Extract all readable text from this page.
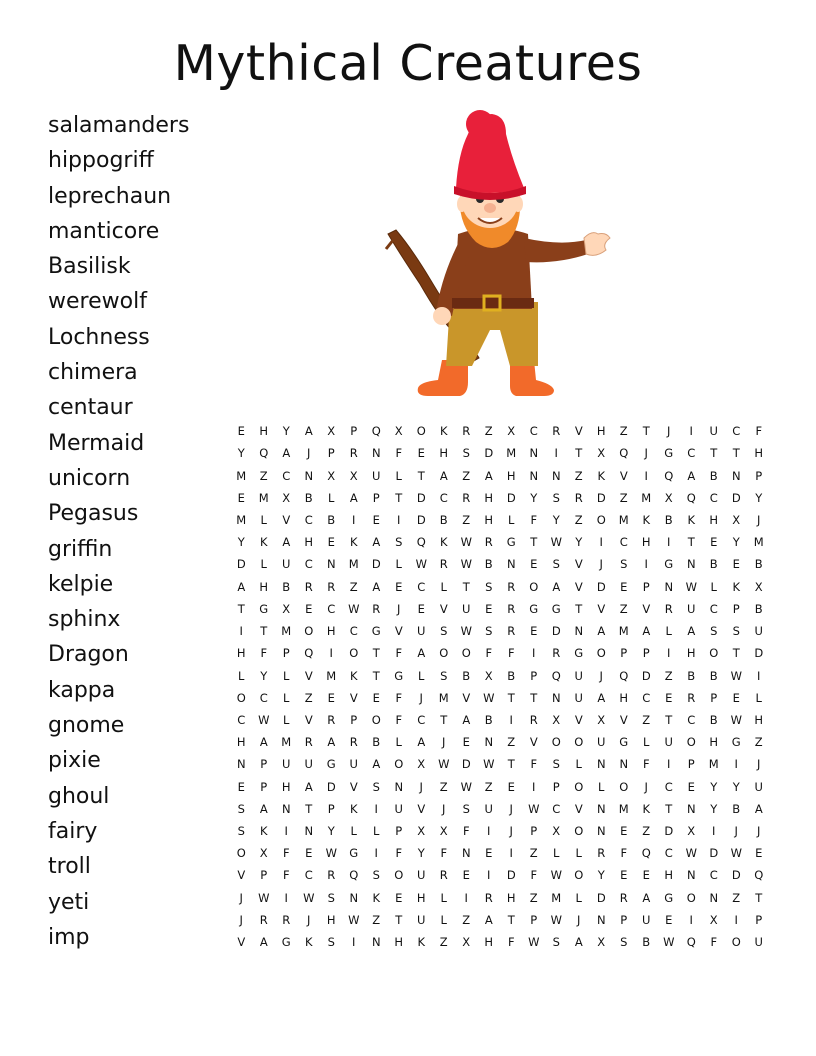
Mythical Creatures
salamanders
hippogriff
leprechaun
manticore
Basilisk
werewolf
Lochness
chimera
centaur
Mermaid
unicorn
Pegasus
griffin
kelpie
sphinx
Dragon
kappa
gnome
pixie
ghoul
fairy
troll
yeti
imp
E	H	Y	A	X	P	Q	X	O	K	R	Z	X	C	R	V	H	Z	T	J	I	U	C	F
Y	Q	A	J	P	R	N	F	E	H	S	D	M	N	I	T	X	Q	J	G	C	T	T	H
M	Z	C	N	X	X	U	L	T	A	Z	A	H	N	N	Z	K	V	I	Q	A	B	N	P
E	M	X	B	L	A	P	T	D	C	R	H	D	Y	S	R	D	Z	M	X	Q	C	D	Y
M	L	V	C	B	I	E	I	D	B	Z	H	L	F	Y	Z	O	M	K	B	K	H	X	J
Y	K	A	H	E	K	A	S	Q	K	W	R	G	T	W	Y	I	C	H	I	T	E	Y	M
D	L	U	C	N	M	D	L	W	R	W	B	N	E	S	V	J	S	I	G	N	B	E	B
A	H	B	R	R	Z	A	E	C	L	T	S	R	O	A	V	D	E	P	N	W	L	K	X
T	G	X	E	C	W	R	J	E	V	U	E	R	G	G	T	V	Z	V	R	U	C	P	B
I	T	M	O	H	C	G	V	U	S	W	S	R	E	D	N	A	M	A	L	A	S	S	U
H	F	P	Q	I	O	T	F	A	O	O	F	F	I	R	G	O	P	P	I	H	O	T	D
L	Y	L	V	M	K	T	G	L	S	B	X	B	P	Q	U	J	Q	D	Z	B	B	W	I
O	C	L	Z	E	V	E	F	J	M	V	W	T	T	N	U	A	H	C	E	R	P	E	L
C	W	L	V	R	P	O	F	C	T	A	B	I	R	X	V	X	V	Z	T	C	B	W	H
H	A	M	R	A	R	B	L	A	J	E	N	Z	V	O	O	U	G	L	U	O	H	G	Z
N	P	U	U	G	U	A	O	X	W	D	W	T	F	S	L	N	N	F	I	P	M	I	J
E	P	H	A	D	V	S	N	J	Z	W	Z	E	I	P	O	L	O	J	C	E	Y	Y	U
S	A	N	T	P	K	I	U	V	J	S	U	J	W	C	V	N	M	K	T	N	Y	B	A
S	K	I	N	Y	L	L	P	X	X	F	I	J	P	X	O	N	E	Z	D	X	I	J	J
O	X	F	E	W	G	I	F	Y	F	N	E	I	Z	L	L	R	F	Q	C	W	D	W	E
V	P	F	C	R	Q	S	O	U	R	E	I	D	F	W	O	Y	E	E	H	N	C	D	Q
J	W	I	W	S	N	K	E	H	L	I	R	H	Z	M	L	D	R	A	G	O	N	Z	T
J	R	R	J	H	W	Z	T	U	L	Z	A	T	P	W	J	N	P	U	E	I	X	I	P
V	A	G	K	S	I	N	H	K	Z	X	H	F	W	S	A	X	S	B	W	Q	F	O	U
